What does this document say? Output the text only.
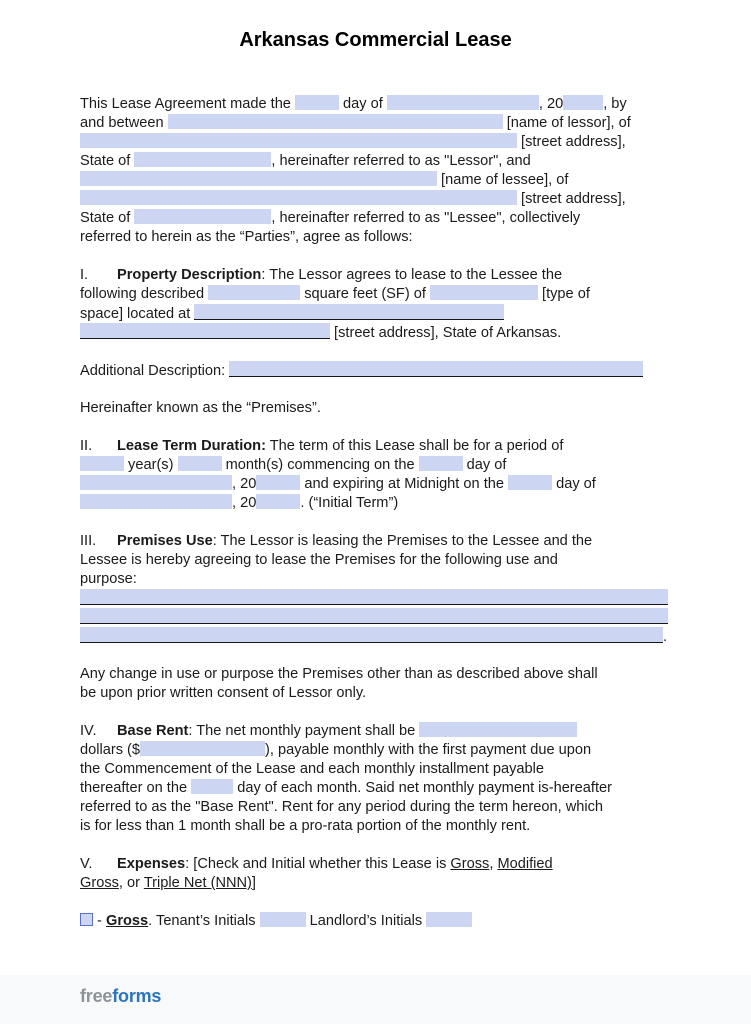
Arkansas Commercial Lease
This Lease Agreement made the	day of	, 20	, by
and between	[name of lessor], of
[street address],
State of	, hereinafter referred to as "Lessor", and
[name of lessee], of
[street address],
State of	, hereinafter referred to as "Lessee", collectively
referred to herein as the “Parties”, agree as follows:
I. Property Description: The Lessor agrees to lease to the Lessee the
following described	square feet (SF) of	[type of
space] located at
[street address], State of Arkansas.
Additional Description:
Hereinafter known as the “Premises”.
II. Lease Term Duration: The term of this Lease shall be for a period of
year(s)	month(s) commencing on the	day of
, 20	and expiring at Midnight on the	day of
, 20	. (“Initial Term”)
III. Premises Use: The Lessor is leasing the Premises to the Lessee and the
Lessee is hereby agreeing to lease the Premises for the following use and
purpose:
.
Any change in use or purpose the Premises other than as described above shall
be upon prior written consent of Lessor only.
IV. Base Rent: The net monthly payment shall be
dollars ($	), payable monthly with the first payment due upon
the Commencement of the Lease and each monthly installment payable
thereafter on the	day of each month. Said net monthly payment is-hereafter
referred to as the "Base Rent". Rent for any period during the term hereon, which
is for less than 1 month shall be a pro-rata portion of the monthly rent.
V. Expenses: [Check and Initial whether this Lease is Gross, Modified
Gross, or Triple Net (NNN)]
- Gross. Tenant’s Initials	Landlord’s Initials
freeforms
